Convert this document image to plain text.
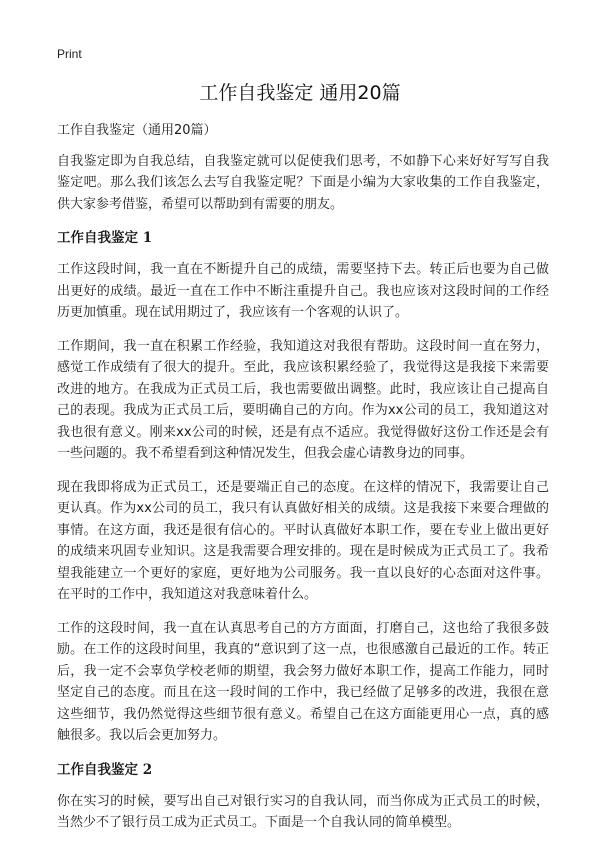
Print
工作自我鉴定 通用20篇

工作自我鉴定（通用20篇）

自我鉴定即为自我总结，自我鉴定就可以促使我们思考，不如静下心来好好写写自我鉴定吧。那么我们该怎么去写自我鉴定呢？下面是小编为大家收集的工作自我鉴定，供大家参考借鉴，希望可以帮助到有需要的朋友。

工作自我鉴定 1

工作这段时间，我一直在不断提升自己的成绩，需要坚持下去。转正后也要为自己做出更好的成绩。最近一直在工作中不断注重提升自己。我也应该对这段时间的工作经历更加慎重。现在试用期过了，我应该有一个客观的认识了。

工作期间，我一直在积累工作经验，我知道这对我很有帮助。这段时间一直在努力，感觉工作成绩有了很大的提升。至此，我应该积累经验了，我觉得这是我接下来需要改进的地方。在我成为正式员工后，我也需要做出调整。此时，我应该让自己提高自己的表现。我成为正式员工后，要明确自己的方向。作为xx公司的员工，我知道这对我也很有意义。刚来xx公司的时候，还是有点不适应。我觉得做好这份工作还是会有一些问题的。我不希望看到这种情况发生，但我会虚心请教身边的同事。

现在我即将成为正式员工，还是要端正自己的态度。在这样的情况下，我需要让自己更认真。作为xx公司的员工，我只有认真做好相关的成绩。这是我接下来要合理做的事情。在这方面，我还是很有信心的。平时认真做好本职工作，要在专业上做出更好的成绩来巩固专业知识。这是我需要合理安排的。现在是时候成为正式员工了。我希望我能建立一个更好的家庭，更好地为公司服务。我一直以良好的心态面对这件事。在平时的工作中，我知道这对我意味着什么。

工作的这段时间，我一直在认真思考自己的方方面面，打磨自己，这也给了我很多鼓励。在工作的这段时间里，我真的“意识到了这一点，也很感激自己最近的工作。转正后，我一定不会辜负学校老师的期望，我会努力做好本职工作，提高工作能力，同时坚定自己的态度。而且在这一段时间的工作中，我已经做了足够多的改进，我很在意这些细节，我仍然觉得这些细节很有意义。希望自己在这方面能更用心一点，真的感触很多。我以后会更加努力。

工作自我鉴定 2

你在实习的时候，要写出自己对银行实习的自我认同，而当你成为正式员工的时候，当然少不了银行员工成为正式员工。下面是一个自我认同的简单模型。
